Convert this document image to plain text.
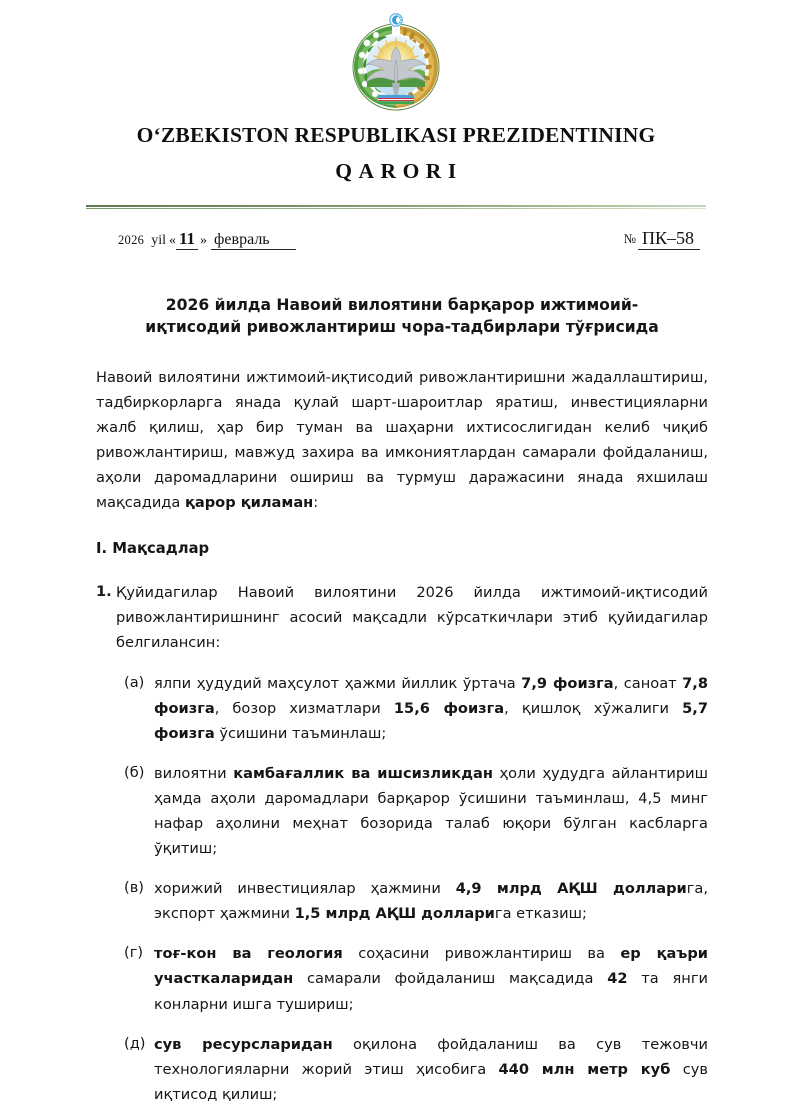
O‘ZBEKISTON RESPUBLIKASI PREZIDENTINING
QARORI
2026 yil « 11 » февраль	№ ПК–58
2026 йилда Навоий вилоятини барқарор ижтимоий-иқтисодий ривожлантириш чора-тадбирлари тўғрисида

Навоий вилоятини ижтимоий-иқтисодий ривожлантиришни жадаллаштириш, тадбиркорларга янада қулай шарт-шароитлар яратиш, инвестицияларни жалб қилиш, ҳар бир туман ва шаҳарни ихтисослигидан келиб чиқиб ривожлантириш, мавжуд захира ва имкониятлардан самарали фойдаланиш, аҳоли даромадларини ошириш ва турмуш даражасини янада яхшилаш мақсадида қарор қиламан:

I. Мақсадлар
1. Қуйидагилар Навоий вилоятини 2026 йилда ижтимоий-иқтисодий ривожлантиришнинг асосий мақсадли кўрсаткичлари этиб қуйидагилар белгилансин:
(а) ялпи ҳудудий маҳсулот ҳажми йиллик ўртача 7,9 фоизга, саноат 7,8 фоизга, бозор хизматлари 15,6 фоизга, қишлоқ хўжалиги 5,7 фоизга ўсишини таъминлаш;
(б) вилоятни камбағаллик ва ишсизликдан ҳоли ҳудудга айлантириш ҳамда аҳоли даромадлари барқарор ўсишини таъминлаш, 4,5 минг нафар аҳолини меҳнат бозорида талаб юқори бўлган касбларга ўқитиш;
(в) хорижий инвестициялар ҳажмини 4,9 млрд АҚШ долларига, экспорт ҳажмини 1,5 млрд АҚШ долларига етказиш;
(г) тоғ-кон ва геология соҳасини ривожлантириш ва ер қаъри участкаларидан самарали фойдаланиш мақсадида 42 та янги конларни ишга тушириш;
(д) сув ресурсларидан оқилона фойдаланиш ва сув тежовчи технологияларни жорий этиш ҳисобига 440 млн метр куб сув иқтисод қилиш;
